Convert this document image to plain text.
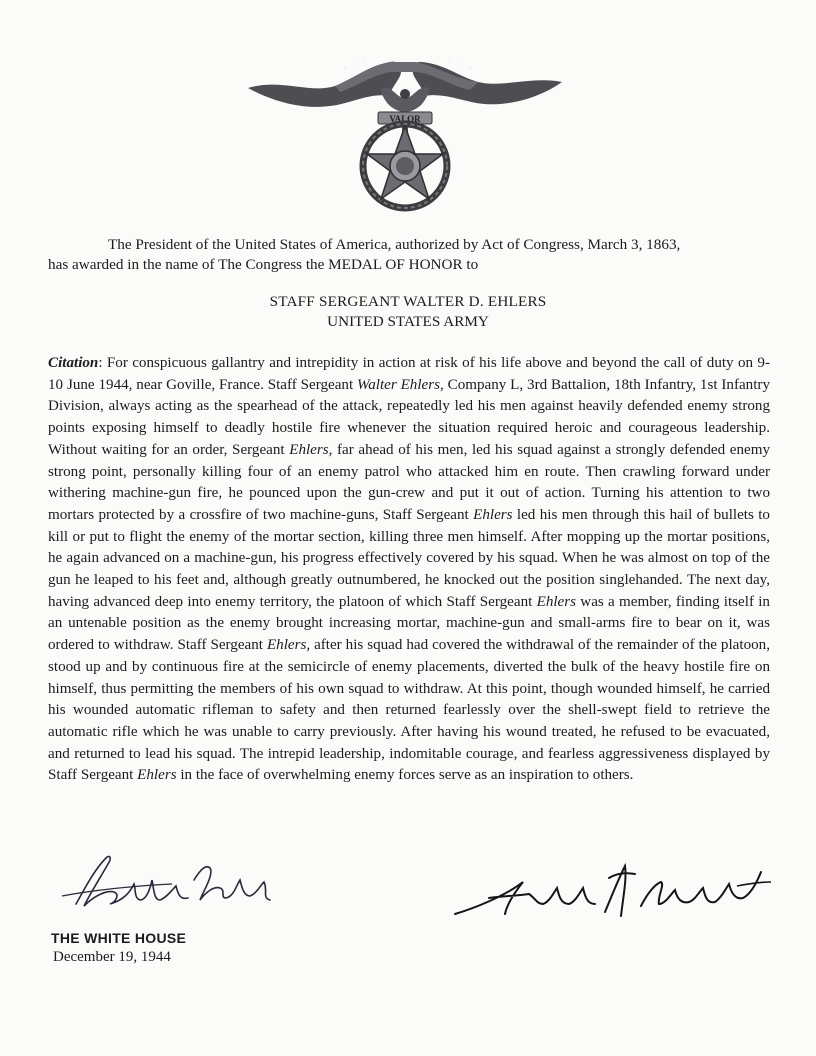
VALOR
The President of the United States of America, authorized by Act of Congress, March 3, 1863,
has awarded in the name of The Congress the MEDAL OF HONOR to
STAFF SERGEANT WALTER D. EHLERS
UNITED STATES ARMY
Citation: For conspicuous gallantry and intrepidity in action at risk of his life above and beyond the call of duty on 9-10 June 1944, near Goville, France. Staff Sergeant Walter Ehlers, Company L, 3rd Battalion, 18th Infantry, 1st Infantry Division, always acting as the spearhead of the attack, repeatedly led his men against heavily defended enemy strong points exposing himself to deadly hostile fire whenever the situation required heroic and courageous leadership. Without waiting for an order, Sergeant Ehlers, far ahead of his men, led his squad against a strongly defended enemy strong point, personally killing four of an enemy patrol who attacked him en route. Then crawling forward under withering machine-gun fire, he pounced upon the gun-crew and put it out of action. Turning his attention to two mortars protected by a crossfire of two machine-guns, Staff Sergeant Ehlers led his men through this hail of bullets to kill or put to flight the enemy of the mortar section, killing three men himself. After mopping up the mortar positions, he again advanced on a machine-gun, his progress effectively covered by his squad. When he was almost on top of the gun he leaped to his feet and, although greatly outnumbered, he knocked out the position singlehanded. The next day, having advanced deep into enemy territory, the platoon of which Staff Sergeant Ehlers was a member, finding itself in an untenable position as the enemy brought increasing mortar, machine-gun and small-arms fire to bear on it, was ordered to withdraw. Staff Sergeant Ehlers, after his squad had covered the withdrawal of the remainder of the platoon, stood up and by continuous fire at the semicircle of enemy placements, diverted the bulk of the heavy hostile fire on himself, thus permitting the members of his own squad to withdraw. At this point, though wounded himself, he carried his wounded automatic rifleman to safety and then returned fearlessly over the shell-swept field to retrieve the automatic rifle which he was unable to carry previously. After having his wound treated, he refused to be evacuated, and returned to lead his squad. The intrepid leadership, indomitable courage, and fearless aggressiveness displayed by Staff Sergeant Ehlers in the face of overwhelming enemy forces serve as an inspiration to others.
THE WHITE HOUSE
December 19, 1944
